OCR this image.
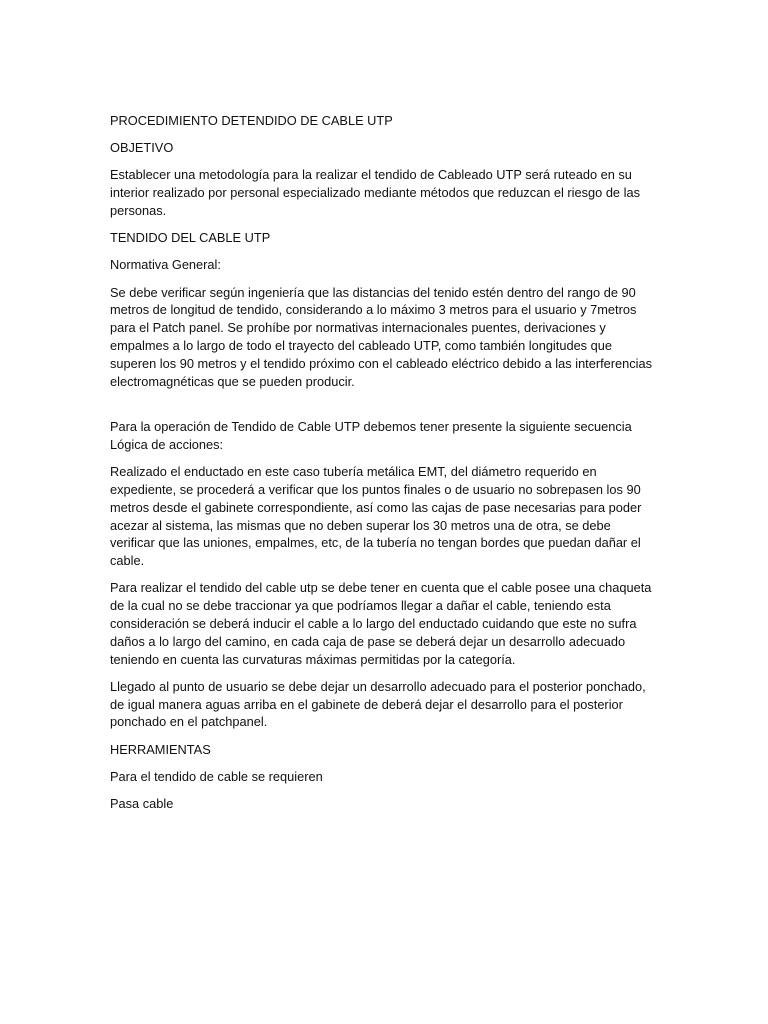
PROCEDIMIENTO DETENDIDO DE CABLE UTP

OBJETIVO

Establecer una metodología para la realizar el tendido de Cableado UTP será ruteado en su interior realizado por personal especializado mediante métodos que reduzcan el riesgo de las personas.

TENDIDO DEL CABLE UTP

Normativa General:

Se debe verificar según ingeniería que las distancias del tenido estén dentro del rango de 90 metros de longitud de tendido, considerando a lo máximo 3 metros para el usuario y 7metros para el Patch panel. Se prohíbe por normativas internacionales puentes, derivaciones y empalmes a lo largo de todo el trayecto del cableado UTP, como también longitudes que superen los 90 metros y el tendido próximo con el cableado eléctrico debido a las interferencias electromagnéticas que se pueden producir.

Para la operación de Tendido de Cable UTP debemos tener presente la siguiente secuencia Lógica de acciones:

Realizado el enductado en este caso tubería metálica EMT, del diámetro requerido en expediente, se procederá a verificar que los puntos finales o de usuario no sobrepasen los 90 metros desde el gabinete correspondiente, así como las cajas de pase necesarias para poder acezar al sistema, las mismas que no deben superar los 30 metros una de otra, se debe verificar que las uniones, empalmes, etc, de la tubería no tengan bordes que puedan dañar el cable.

Para realizar el tendido del cable utp se debe tener en cuenta que el cable posee una chaqueta de la cual no se debe traccionar ya que podríamos llegar a dañar el cable, teniendo esta consideración se deberá inducir el cable a lo largo del enductado cuidando que este no sufra daños a lo largo del camino, en cada caja de pase se deberá dejar un desarrollo adecuado teniendo en cuenta las curvaturas máximas permitidas por la categoría.

Llegado al punto de usuario se debe dejar un desarrollo adecuado para el posterior ponchado, de igual manera aguas arriba en el gabinete de deberá dejar el desarrollo para el posterior ponchado en el patchpanel.

HERRAMIENTAS

Para el tendido de cable se requieren

Pasa cable
